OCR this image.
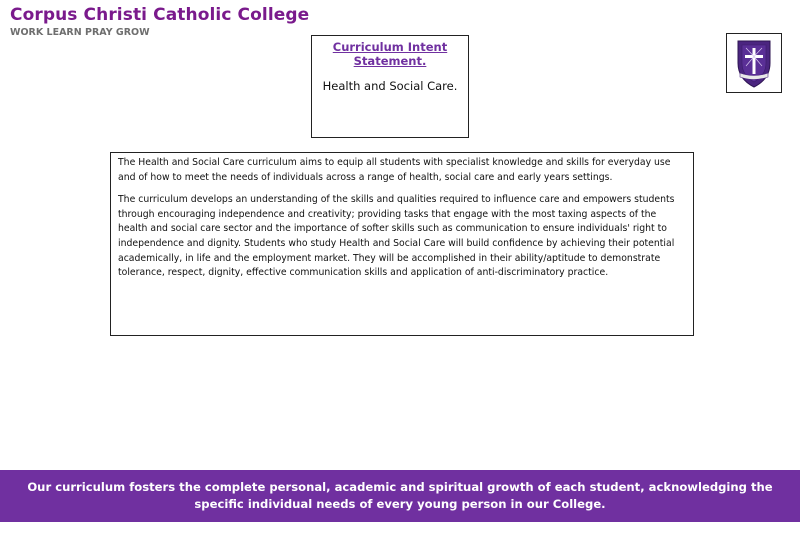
Corpus Christi Catholic College
WORK LEARN PRAY GROW
Curriculum Intent Statement.
Health and Social Care.

The Health and Social Care curriculum aims to equip all students with specialist knowledge and skills for everyday use and of how to meet the needs of individuals across a range of health, social care and early years settings.

The curriculum develops an understanding of the skills and qualities required to influence care and empowers students through encouraging independence and creativity; providing tasks that engage with the most taxing aspects of the health and social care sector and the importance of softer skills such as communication to ensure individuals' right to independence and dignity. Students who study Health and Social Care will build confidence by achieving their potential academically, in life and the employment market. They will be accomplished in their ability/aptitude to demonstrate tolerance, respect, dignity, effective communication skills and application of anti-discriminatory practice.

Our curriculum fosters the complete personal, academic and spiritual growth of each student, acknowledging the specific individual needs of every young person in our College.
